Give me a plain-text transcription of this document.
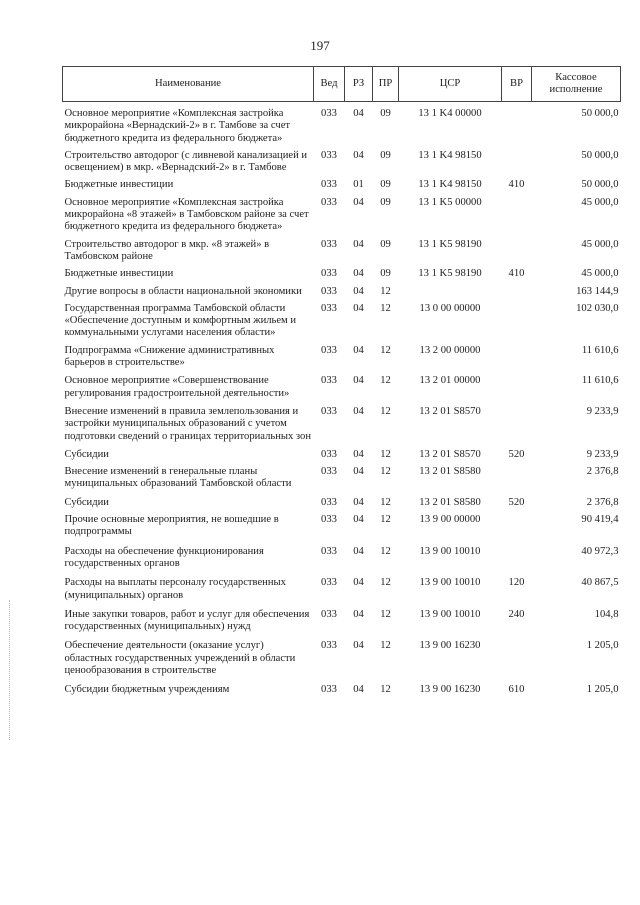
197
Наименование	Вед	РЗ	ПР	ЦСР	ВР	Кассовое исполнение
Основное мероприятие «Комплексная застройка микрорайона «Вернадский-2» в г. Тамбове за счет бюджетного кредита из федерального бюджета»	033	04	09	13 1 K4 00000		50 000,0
Строительство автодорог (с ливневой канализацией и освещением) в мкр. «Вернадский-2» в г. Тамбове	033	04	09	13 1 K4 98150		50 000,0
Бюджетные инвестиции	033	01	09	13 1 K4 98150	410	50 000,0
Основное мероприятие «Комплексная застройка микрорайона «8 этажей» в Тамбовском районе за счет бюджетного кредита из федерального бюджета»	033	04	09	13 1 K5 00000		45 000,0
Строительство автодорог в мкр. «8 этажей» в Тамбовском районе	033	04	09	13 1 K5 98190		45 000,0
Бюджетные инвестиции	033	04	09	13 1 K5 98190	410	45 000,0
Другие вопросы в области национальной экономики	033	04	12			163 144,9
Государственная программа Тамбовской области «Обеспечение доступным и комфортным жильем и коммунальными услугами населения области»	033	04	12	13 0 00 00000		102 030,0
Подпрограмма «Снижение административных барьеров в строительстве»	033	04	12	13 2 00 00000		11 610,6
Основное мероприятие «Совершенствование регулирования градостроительной деятельности»	033	04	12	13 2 01 00000		11 610,6
Внесение изменений в правила землепользования и застройки муниципальных образований с учетом подготовки сведений о границах территориальных зон	033	04	12	13 2 01 S8570		9 233,9
Субсидии	033	04	12	13 2 01 S8570	520	9 233,9
Внесение изменений в генеральные планы муниципальных образований Тамбовской области	033	04	12	13 2 01 S8580		2 376,8
Субсидии	033	04	12	13 2 01 S8580	520	2 376,8
Прочие основные мероприятия, не вошедшие в подпрограммы	033	04	12	13 9 00 00000		90 419,4
Расходы на обеспечение функционирования государственных органов	033	04	12	13 9 00 10010		40 972,3
Расходы на выплаты персоналу государственных (муниципальных) органов	033	04	12	13 9 00 10010	120	40 867,5
Иные закупки товаров, работ и услуг для обеспечения государственных (муниципальных) нужд	033	04	12	13 9 00 10010	240	104,8
Обеспечение деятельности (оказание услуг) областных государственных учреждений в области ценообразования в строительстве	033	04	12	13 9 00 16230		1 205,0
Субсидии бюджетным учреждениям	033	04	12	13 9 00 16230	610	1 205,0
